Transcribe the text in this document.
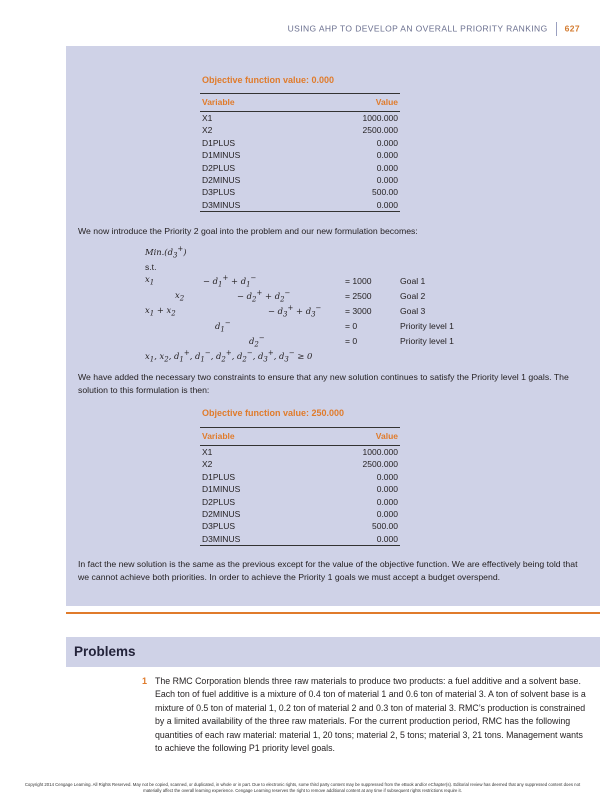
USING AHP TO DEVELOP AN OVERALL PRIORITY RANKING 627
Objective function value: 0.000
Variable	Value
X1	1000.000
X2	2500.000
D1PLUS	0.000
D1MINUS	0.000
D2PLUS	0.000
D2MINUS	0.000
D3PLUS	500.00
D3MINUS	0.000
We now introduce the Priority 2 goal into the problem and our new formulation becomes:
$Min.(d_3^+)$
s.t.
$x_1$	− $d_1^+ + d_1^-$	= 1000	Goal 1
$x_2$	− $d_2^+ + d_2^-$	= 2500	Goal 2
$x_1 + x_2$	− $d_3^+ + d_3^-$	= 3000	Goal 3
$d_1^-$	= 0	Priority level 1
$d_2^-$	= 0	Priority level 1
$x_1$, $x_2$, $d_1^+$, $d_1^-$, $d_2^+$, $d_2^-$, $d_3^+$, $d_3^- \ge 0$
We have added the necessary two constraints to ensure that any new solution continues to satisfy the Priority level 1 goals. The solution to this formulation is then:
Objective function value: 250.000
Variable	Value
X1	1000.000
X2	2500.000
D1PLUS	0.000
D1MINUS	0.000
D2PLUS	0.000
D2MINUS	0.000
D3PLUS	500.00
D3MINUS	0.000
In fact the new solution is the same as the previous except for the value of the objective function. We are effectively being told that we cannot achieve both priorities. In order to achieve the Priority 1 goals we must accept a budget overspend.
Problems
1 The RMC Corporation blends three raw materials to produce two products: a fuel additive and a solvent base. Each ton of fuel additive is a mixture of 0.4 ton of material 1 and 0.6 ton of material 3. A ton of solvent base is a mixture of 0.5 ton of material 1, 0.2 ton of material 2 and 0.3 ton of material 3. RMC’s production is constrained by a limited availability of the three raw materials. For the current production period, RMC has the following quantities of each raw material: material 1, 20 tons; material 2, 5 tons; material 3, 21 tons. Management wants to achieve the following P1 priority level goals.
Copyright 2014 Cengage Learning. All Rights Reserved. May not be copied, scanned, or duplicated, in whole or in part. Due to electronic rights, some third party content may be suppressed from the eBook and/or eChapter(s). Editorial review has deemed that any suppressed content does not materially affect the overall learning experience. Cengage Learning reserves the right to remove additional content at any time if subsequent rights restrictions require it.
